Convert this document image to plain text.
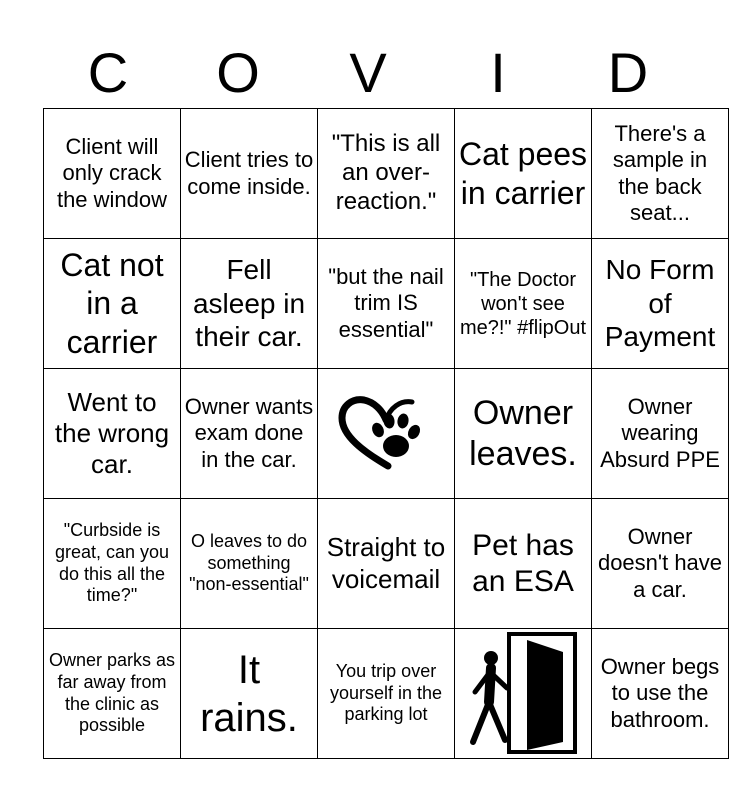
C	O	V	I	D
Client will only crack the window	Client tries to come inside.	"This is all an over-reaction."	Cat pees in carrier	There's a sample in the back seat...
Cat not in a carrier	Fell asleep in their car.	"but the nail trim IS essential"	"The Doctor won't see me?!" #flipOut	No Form of Payment
Went to the wrong car.	Owner wants exam done in the car.		Owner leaves.	Owner wearing Absurd PPE
"Curbside is great, can you do this all the time?"	O leaves to do something "non-essential"	Straight to voicemail	Pet has an ESA	Owner doesn't have a car.
Owner parks as far away from the clinic as possible	It rains.	You trip over yourself in the parking lot		Owner begs to use the bathroom.
